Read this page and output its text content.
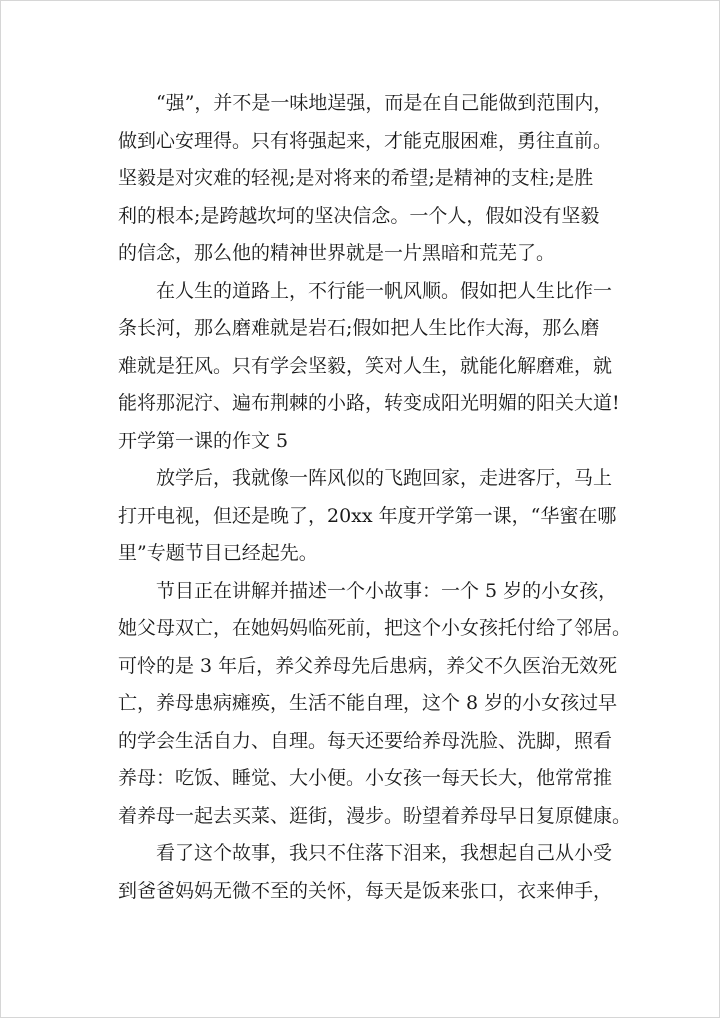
“强”，并不是一味地逞强，而是在自己能做到范围内，
做到心安理得。只有将强起来，才能克服困难，勇往直前。
坚毅是对灾难的轻视;是对将来的希望;是精神的支柱;是胜
利的根本;是跨越坎坷的坚决信念。一个人，假如没有坚毅
的信念，那么他的精神世界就是一片黑暗和荒芜了。
在人生的道路上，不行能一帆风顺。假如把人生比作一
条长河，那么磨难就是岩石;假如把人生比作大海，那么磨
难就是狂风。只有学会坚毅，笑对人生，就能化解磨难，就
能将那泥泞、遍布荆棘的小路，转变成阳光明媚的阳关大道!
开学第一课的作文 5
放学后，我就像一阵风似的飞跑回家，走进客厅，马上
打开电视，但还是晚了，20xx 年度开学第一课，“华蜜在哪
里”专题节目已经起先。
节目正在讲解并描述一个小故事：一个 5 岁的小女孩，
她父母双亡，在她妈妈临死前，把这个小女孩托付给了邻居。
可怜的是 3 年后，养父养母先后患病，养父不久医治无效死
亡，养母患病瘫痪，生活不能自理，这个 8 岁的小女孩过早
的学会生活自力、自理。每天还要给养母洗脸、洗脚，照看
养母：吃饭、睡觉、大小便。小女孩一每天长大，他常常推
着养母一起去买菜、逛街，漫步。盼望着养母早日复原健康。
看了这个故事，我只不住落下泪来，我想起自己从小受
到爸爸妈妈无微不至的关怀，每天是饭来张口，衣来伸手，
